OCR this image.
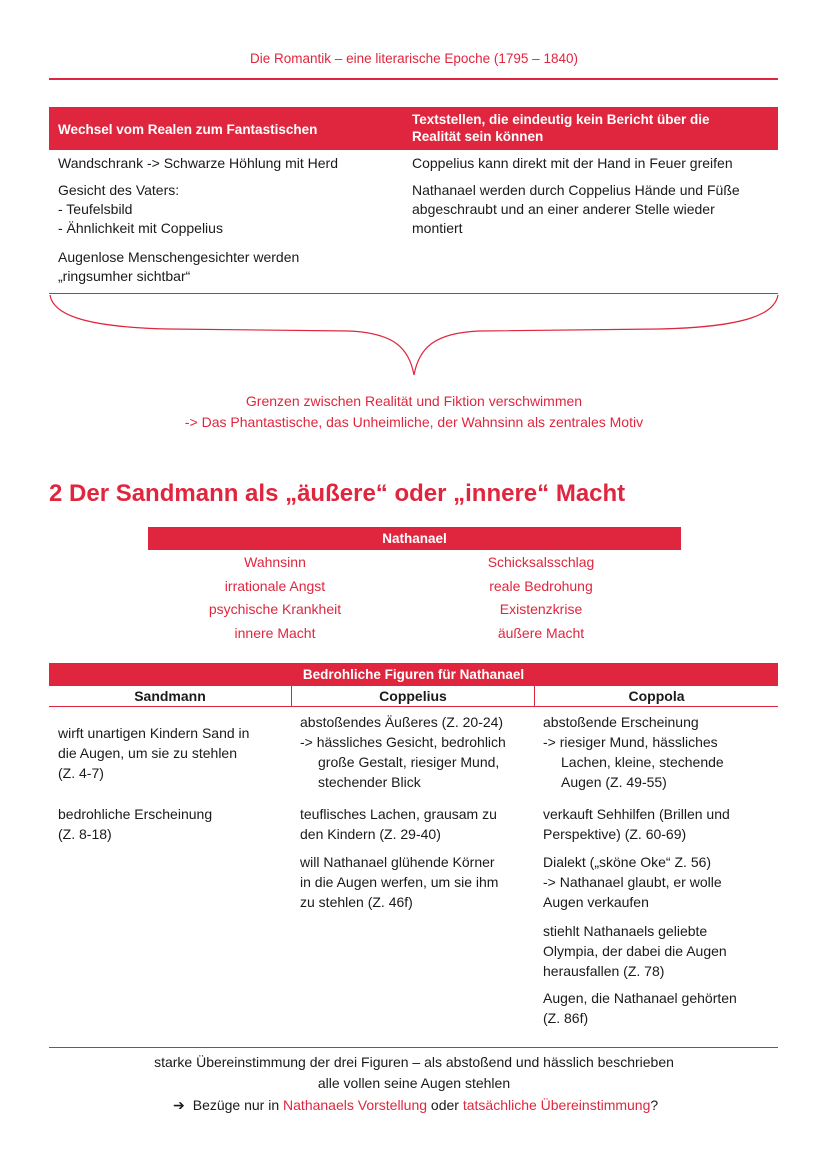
Die Romantik – eine literarische Epoche (1795 – 1840)
Wechsel vom Realen zum Fantastischen
Textstellen, die eindeutig kein Bericht über die
Realität sein können
Wandschrank -> Schwarze Höhlung mit Herd
Gesicht des Vaters:
- Teufelsbild
- Ähnlichkeit mit Coppelius
Augenlose Menschengesichter werden
„ringsumher sichtbar“
Coppelius kann direkt mit der Hand in Feuer greifen
Nathanael werden durch Coppelius Hände und Füße
abgeschraubt und an einer anderer Stelle wieder
montiert
Grenzen zwischen Realität und Fiktion verschwimmen
-> Das Phantastische, das Unheimliche, der Wahnsinn als zentrales Motiv
2 Der Sandmann als „äußere“ oder „innere“ Macht
Nathanael
Wahnsinn
irrationale Angst
psychische Krankheit
innere Macht
Schicksalsschlag
reale Bedrohung
Existenzkrise
äußere Macht
Bedrohliche Figuren für Nathanael
Sandmann	Coppelius	Coppola
wirft unartigen Kindern Sand in
die Augen, um sie zu stehlen
(Z. 4-7)
bedrohliche Erscheinung
(Z. 8-18)
abstoßendes Äußeres (Z. 20-24)
-> hässliches Gesicht, bedrohlich
große Gestalt, riesiger Mund,
stechender Blick
teuflisches Lachen, grausam zu
den Kindern (Z. 29-40)
will Nathanael glühende Körner
in die Augen werfen, um sie ihm
zu stehlen (Z. 46f)
abstoßende Erscheinung
-> riesiger Mund, hässliches
Lachen, kleine, stechende
Augen (Z. 49-55)
verkauft Sehhilfen (Brillen und
Perspektive) (Z. 60-69)
Dialekt („sköne Oke“ Z. 56)
-> Nathanael glaubt, er wolle
Augen verkaufen
stiehlt Nathanaels geliebte
Olympia, der dabei die Augen
herausfallen (Z. 78)
Augen, die Nathanael gehörten
(Z. 86f)
starke Übereinstimmung der drei Figuren – als abstoßend und hässlich beschrieben
alle vollen seine Augen stehlen
➔ Bezüge nur in Nathanaels Vorstellung oder tatsächliche Übereinstimmung?
